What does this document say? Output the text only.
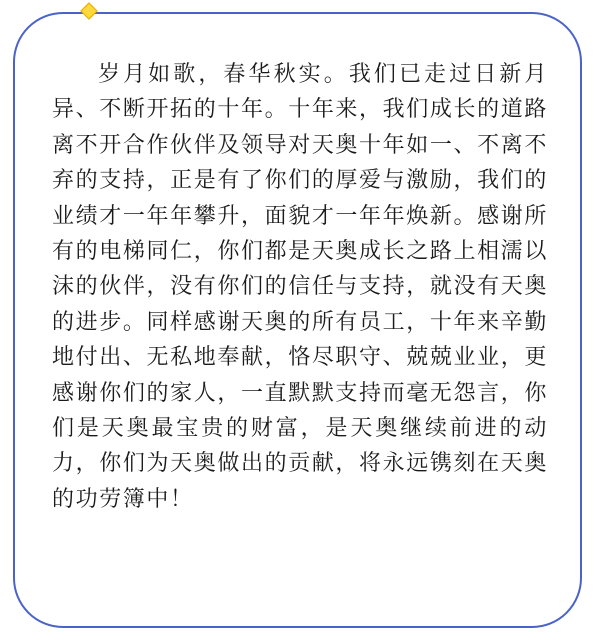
岁月如歌，春华秋实。我们已走过日新月异、不断开拓的十年。十年来，我们成长的道路离不开合作伙伴及领导对天奥十年如一、不离不弃的支持，正是有了你们的厚爱与激励，我们的业绩才一年年攀升，面貌才一年年焕新。感谢所有的电梯同仁，你们都是天奥成长之路上相濡以沫的伙伴，没有你们的信任与支持，就没有天奥的进步。同样感谢天奥的所有员工，十年来辛勤地付出、无私地奉献，恪尽职守、兢兢业业，更感谢你们的家人，一直默默支持而毫无怨言，你们是天奥最宝贵的财富，是天奥继续前进的动力，你们为天奥做出的贡献，将永远镌刻在天奥的功劳簿中！
